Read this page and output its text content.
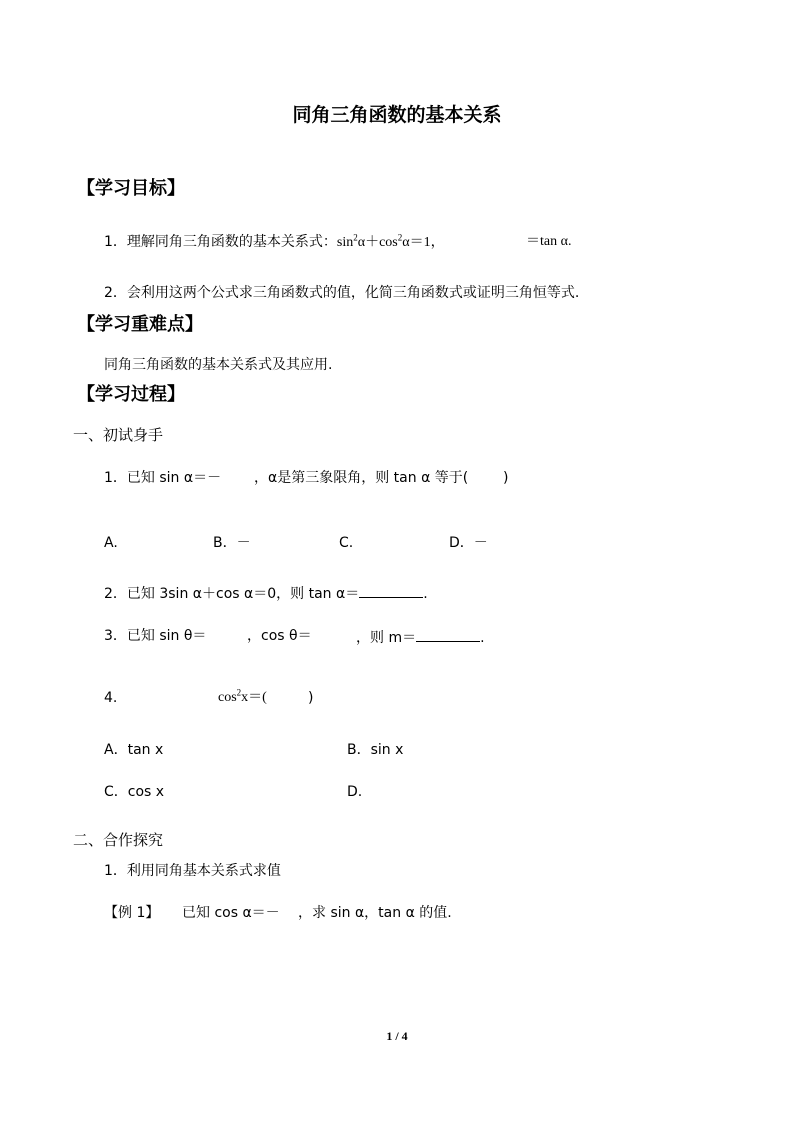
同角三角函数的基本关系
【学习目标】
1．理解同角三角函数的基本关系式：$\sin^2\alpha+\cos^2\alpha=1$，	＝tan α.
2．会利用这两个公式求三角函数式的值，化简三角函数式或证明三角恒等式.
【学习重难点】
同角三角函数的基本关系式及其应用.
【学习过程】
一、初试身手
1．已知 sin α＝－ ，α是第三象限角，则 tan α 等于( )
A.	B．－	C.	D．－
2．已知 3sin α＋cos α＝0，则 tan α＝	.
3．已知 sin θ＝	，cos θ＝	，则 m＝	.
4.	$\cos^2x=$(	)
A．tan x	B．sin x
C．cos x	D.
二、合作探究
1．利用同角基本关系式求值
【例 1】 已知 cos α＝－ ，求 sin α，tan α 的值.
1 / 4
